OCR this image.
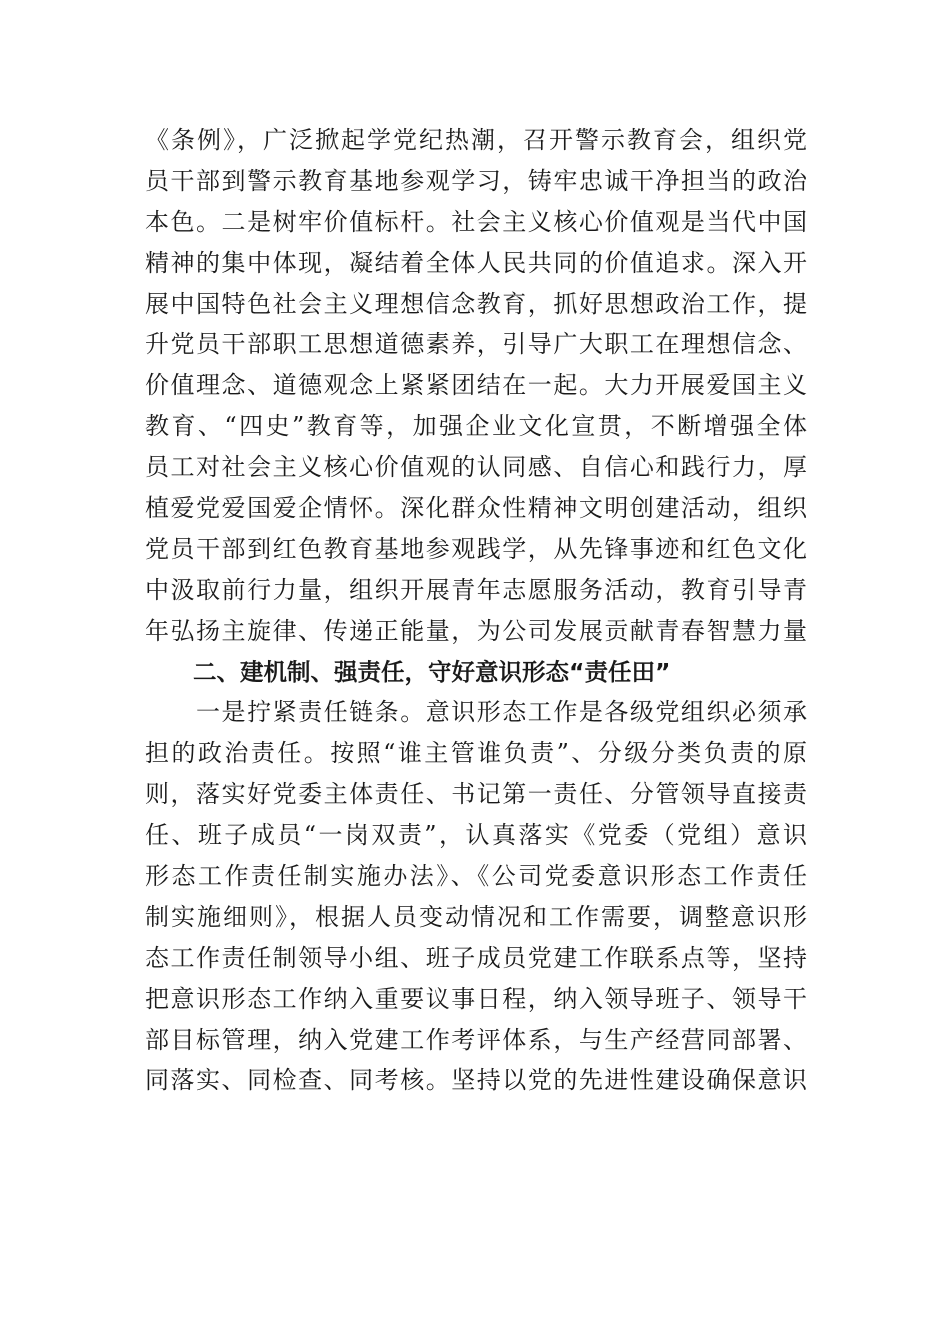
《条例》，广泛掀起学党纪热潮，召开警示教育会，组织党
员干部到警示教育基地参观学习，铸牢忠诚干净担当的政治
本色。二是树牢价值标杆。社会主义核心价值观是当代中国
精神的集中体现，凝结着全体人民共同的价值追求。深入开
展中国特色社会主义理想信念教育，抓好思想政治工作，提
升党员干部职工思想道德素养，引导广大职工在理想信念、
价值理念、道德观念上紧紧团结在一起。大力开展爱国主义
教育、“四史”教育等，加强企业文化宣贯，不断增强全体
员工对社会主义核心价值观的认同感、自信心和践行力，厚
植爱党爱国爱企情怀。深化群众性精神文明创建活动，组织
党员干部到红色教育基地参观践学，从先锋事迹和红色文化
中汲取前行力量，组织开展青年志愿服务活动，教育引导青
年弘扬主旋律、传递正能量，为公司发展贡献青春智慧力量
二、建机制、强责任，守好意识形态“责任田”
　　一是拧紧责任链条。意识形态工作是各级党组织必须承
担的政治责任。按照“谁主管谁负责”、分级分类负责的原
则，落实好党委主体责任、书记第一责任、分管领导直接责
任、班子成员“一岗双责”，认真落实《党委（党组）意识
形态工作责任制实施办法》、《公司党委意识形态工作责任
制实施细则》，根据人员变动情况和工作需要，调整意识形
态工作责任制领导小组、班子成员党建工作联系点等，坚持
把意识形态工作纳入重要议事日程，纳入领导班子、领导干
部目标管理，纳入党建工作考评体系，与生产经营同部署、
同落实、同检查、同考核。坚持以党的先进性建设确保意识
